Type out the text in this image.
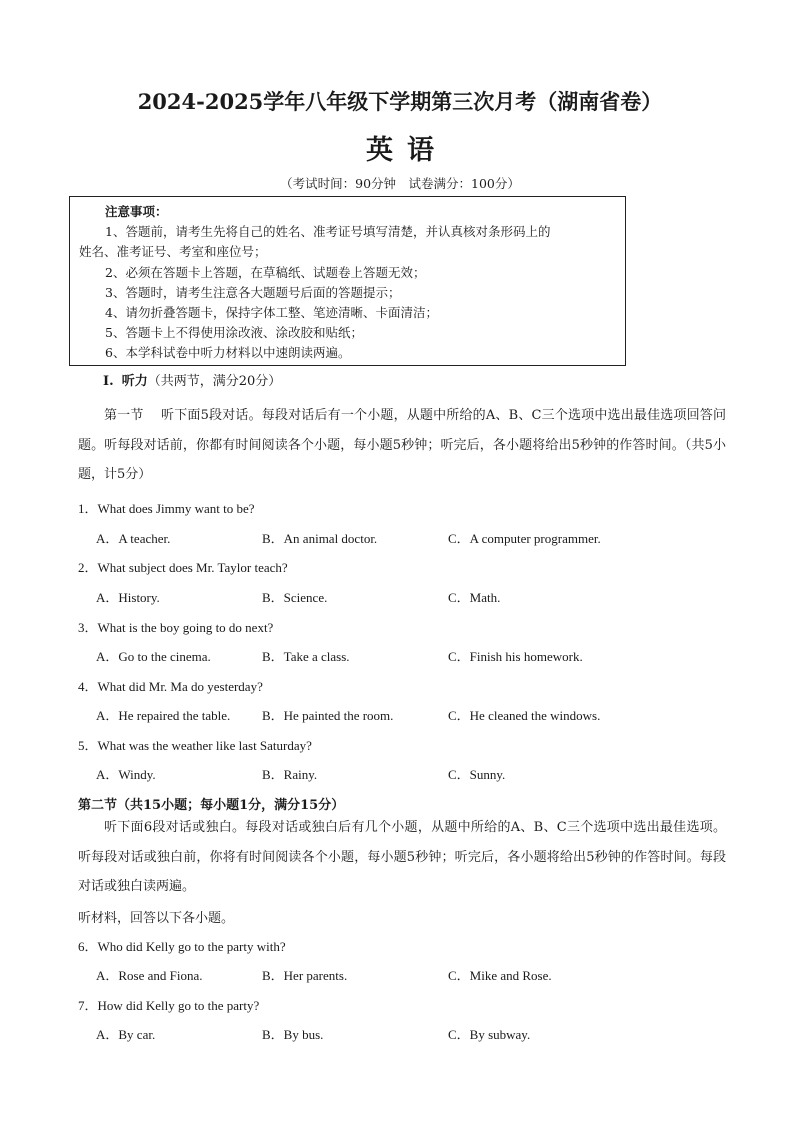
2024-2025学年八年级下学期第三次月考（湖南省卷）
英语
（考试时间：90分钟　试卷满分：100分）
注意事项：
1、答题前，请考生先将自己的姓名、准考证号填写清楚，并认真核对条形码上的
姓名、准考证号、考室和座位号；
2、必须在答题卡上答题，在草稿纸、试题卷上答题无效；
3、答题时，请考生注意各大题题号后面的答题提示；
4、请勿折叠答题卡，保持字体工整、笔迹清晰、卡面清洁；
5、答题卡上不得使用涂改液、涂改胶和贴纸；
6、本学科试卷中听力材料以中速朗读两遍。
I. 听力（共两节，满分20分）
第一节　 听下面5段对话。每段对话后有一个小题，从题中所给的A、B、C三个选项中选出最佳选项回答问题。听每段对话前，你都有时间阅读各个小题，每小题5秒钟；听完后，各小题将给出5秒钟的作答时间。（共5小题，计5分）
1．What does Jimmy want to be?
A．A teacher.	B．An animal doctor.	C．A computer programmer.
2．What subject does Mr. Taylor teach?
A．History.	B．Science.	C．Math.
3．What is the boy going to do next?
A．Go to the cinema.	B．Take a class.	C．Finish his homework.
4．What did Mr. Ma do yesterday?
A．He repaired the table. B．He painted the room.	C．He cleaned the windows.
5．What was the weather like last Saturday?
A．Windy.	B．Rainy.	C．Sunny.
第二节（共15小题；每小题1分，满分15分）
听下面6段对话或独白。每段对话或独白后有几个小题，从题中所给的A、B、C三个选项中选出最佳选项。听每段对话或独白前，你将有时间阅读各个小题，每小题5秒钟；听完后，各小题将给出5秒钟的作答时间。每段对话或独白读两遍。
听材料，回答以下各小题。
6．Who did Kelly go to the party with?
A．Rose and Fiona.	B．Her parents.	C．Mike and Rose.
7．How did Kelly go to the party?
A．By car.	B．By bus.	C．By subway.
